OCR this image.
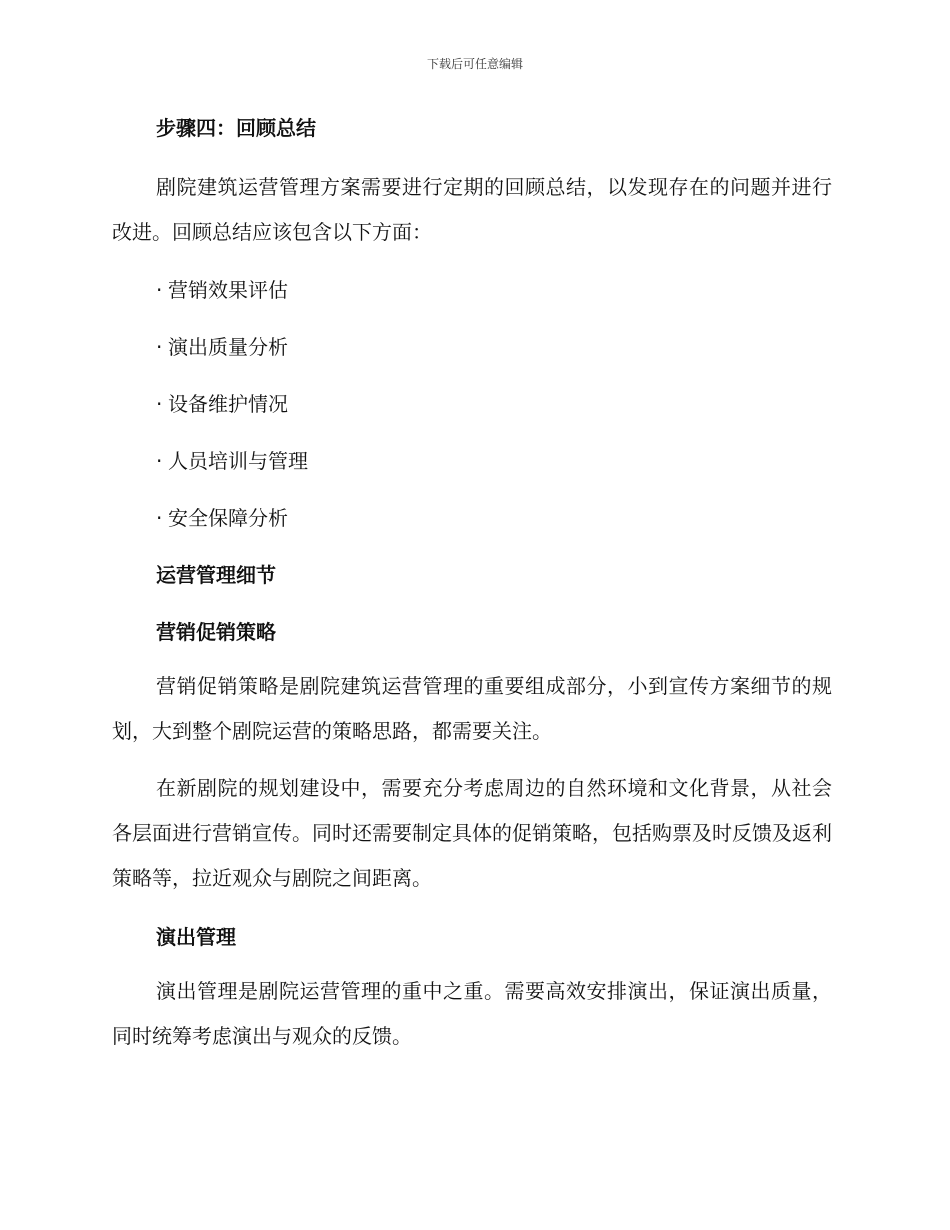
下载后可任意编辑

步骤四：回顾总结

剧院建筑运营管理方案需要进行定期的回顾总结，以发现存在的问题并进行改进。回顾总结应该包含以下方面：

· 营销效果评估

· 演出质量分析

· 设备维护情况

· 人员培训与管理

· 安全保障分析

运营管理细节

营销促销策略

营销促销策略是剧院建筑运营管理的重要组成部分，小到宣传方案细节的规划，大到整个剧院运营的策略思路，都需要关注。

在新剧院的规划建设中，需要充分考虑周边的自然环境和文化背景，从社会各层面进行营销宣传。同时还需要制定具体的促销策略，包括购票及时反馈及返利策略等，拉近观众与剧院之间距离。

演出管理

演出管理是剧院运营管理的重中之重。需要高效安排演出，保证演出质量，同时统筹考虑演出与观众的反馈。
